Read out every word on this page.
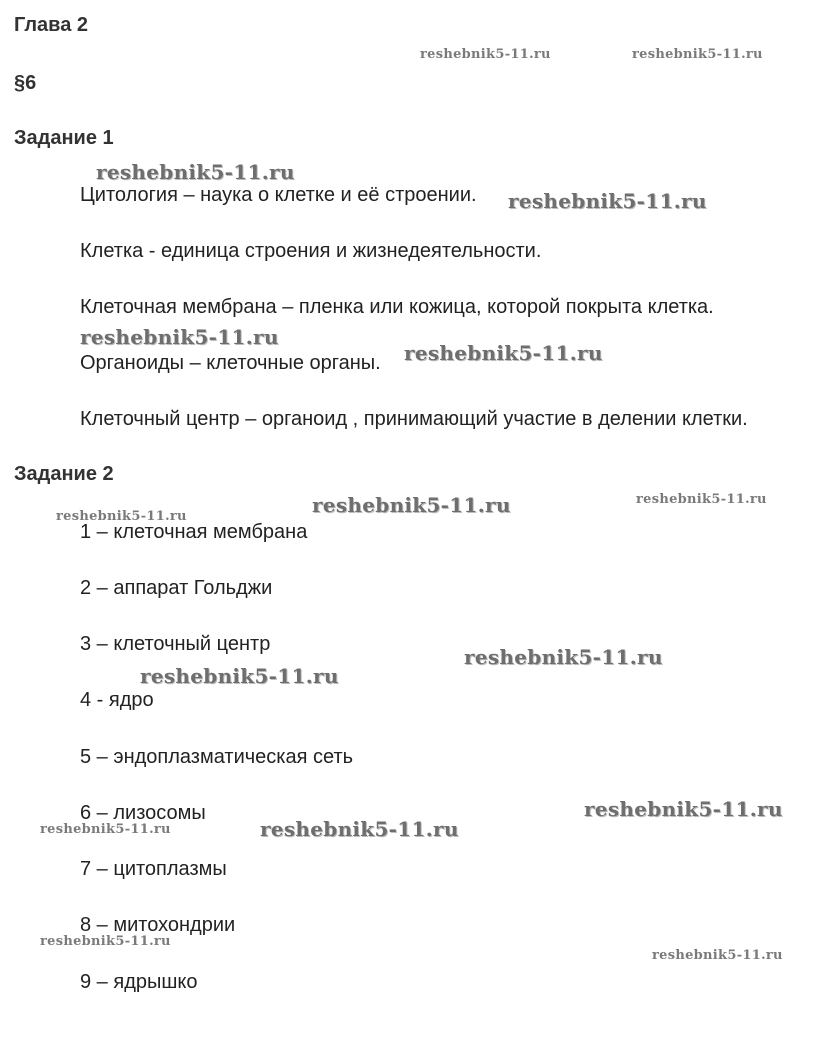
Глава 2
§6
Задание 1
Цитология – наука о клетке и её строении.
Клетка - единица строения и жизнедеятельности.
Клеточная мембрана – пленка или кожица, которой покрыта клетка.
Органоиды – клеточные органы.
Клеточный центр – органоид , принимающий участие в делении клетки.
Задание 2
1 – клеточная мембрана
2 – аппарат Гольджи
3 – клеточный центр
4 - ядро
5 – эндоплазматическая сеть
6 – лизосомы
7 – цитоплазмы
8 – митохондрии
9 – ядрышко
reshebnik5-11.ru	reshebnik5-11.ru
reshebnik5-11.ru
reshebnik5-11.ru
reshebnik5-11.ru
reshebnik5-11.ru
reshebnik5-11.ru	reshebnik5-11.ru
reshebnik5-11.ru
reshebnik5-11.ru
reshebnik5-11.ru
reshebnik5-11.ru
reshebnik5-11.ru	reshebnik5-11.ru
reshebnik5-11.ru
reshebnik5-11.ru
